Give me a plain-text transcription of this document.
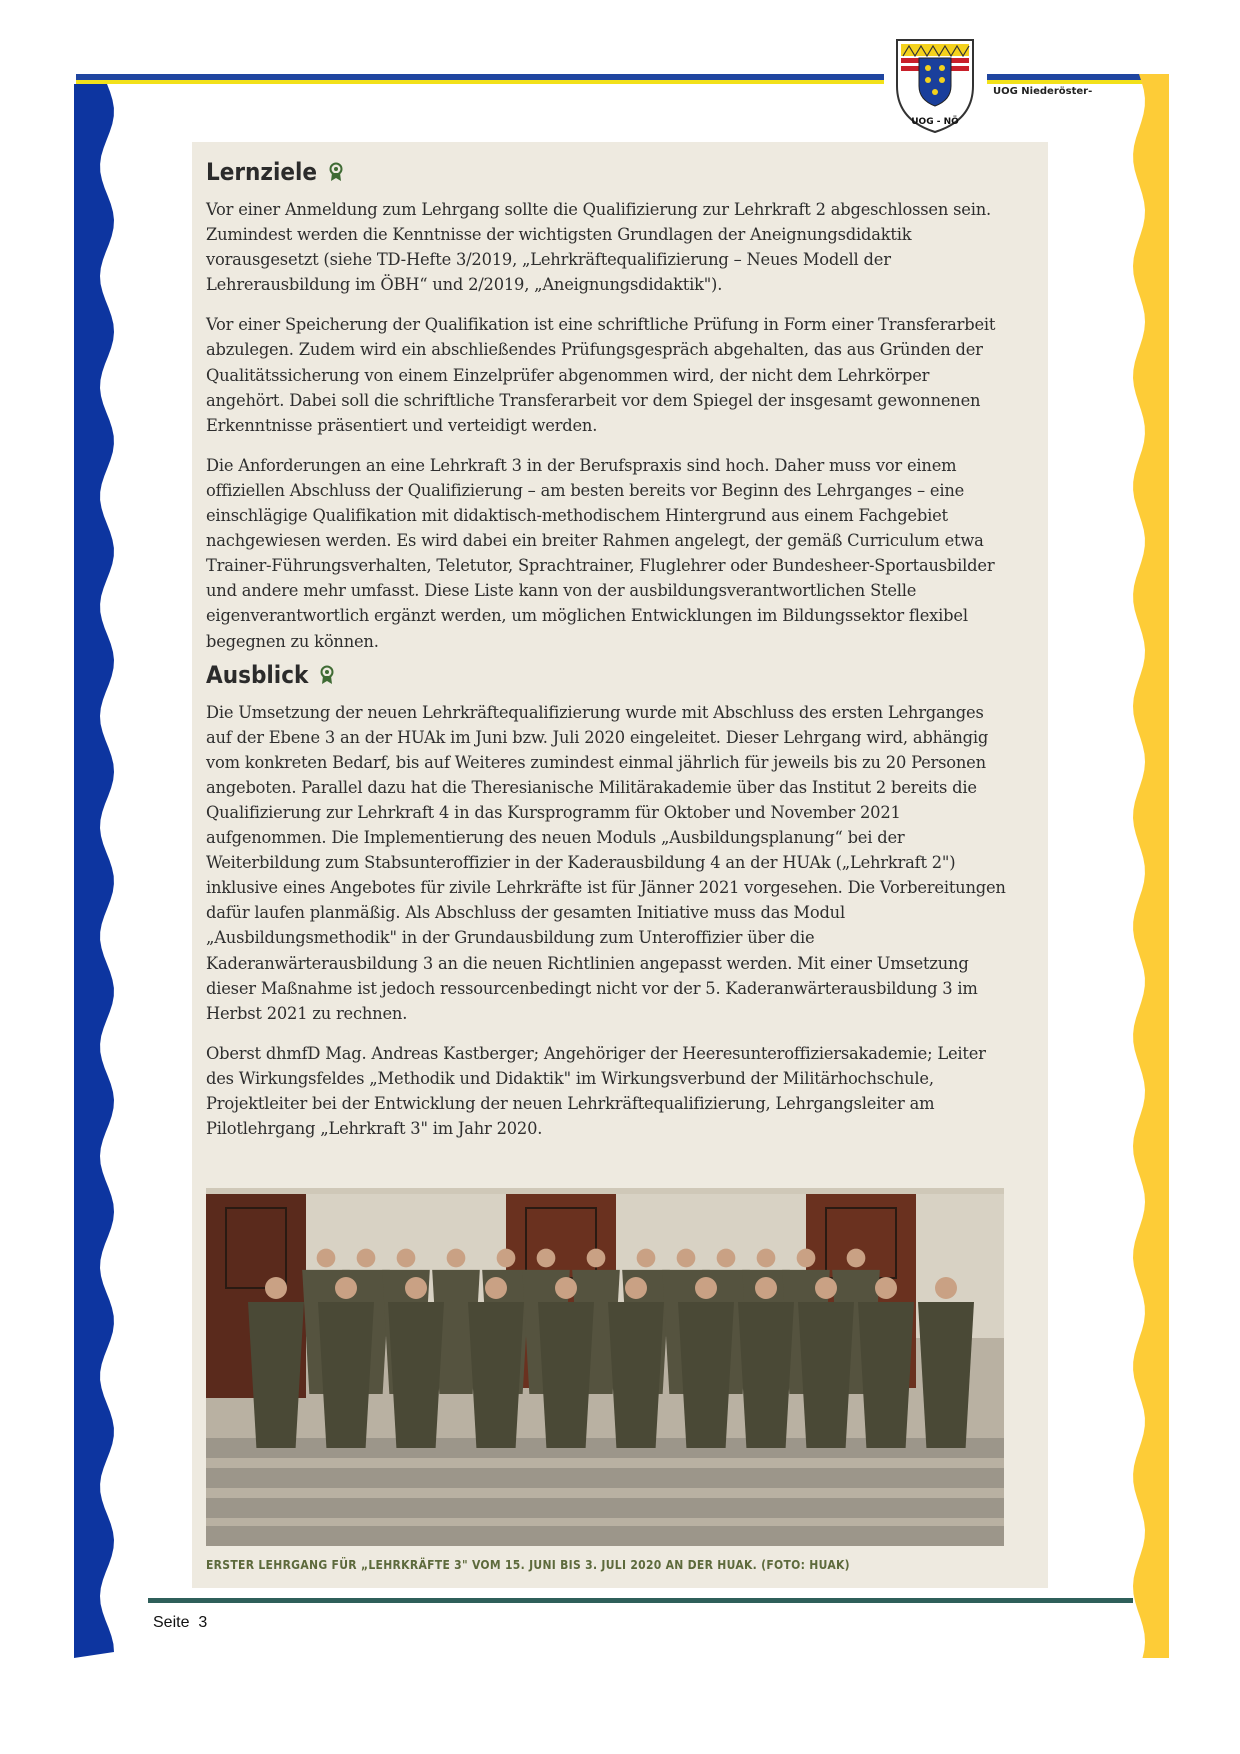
UOG - NÖ
UOG Niederöster-
Lernziele

Vor einer Anmeldung zum Lehrgang sollte die Qualifizierung zur Lehrkraft 2 abgeschlossen sein. Zumindest werden die Kenntnisse der wichtigsten Grundlagen der Aneignungsdidaktik vorausgesetzt (siehe TD-Hefte 3/2019, „Lehrkräftequalifizierung – Neues Modell der Lehrerausbildung im ÖBH“ und 2/2019, „Aneignungsdidaktik").

Vor einer Speicherung der Qualifikation ist eine schriftliche Prüfung in Form einer Transferarbeit abzulegen. Zudem wird ein abschließendes Prüfungsgespräch abgehalten, das aus Gründen der Qualitätssicherung von einem Einzelprüfer abgenommen wird, der nicht dem Lehrkörper angehört. Dabei soll die schriftliche Transferarbeit vor dem Spiegel der insgesamt gewonnenen Erkenntnisse präsentiert und verteidigt werden.

Die Anforderungen an eine Lehrkraft 3 in der Berufspraxis sind hoch. Daher muss vor einem offiziellen Abschluss der Qualifizierung – am besten bereits vor Beginn des Lehrganges – eine einschlägige Qualifikation mit didaktisch-methodischem Hintergrund aus einem Fachgebiet nachgewiesen werden. Es wird dabei ein breiter Rahmen angelegt, der gemäß Curriculum etwa Trainer-Führungsverhalten, Teletutor, Sprachtrainer, Fluglehrer oder Bundesheer-Sportausbilder und andere mehr umfasst. Diese Liste kann von der ausbildungsverantwortlichen Stelle eigenverantwortlich ergänzt werden, um möglichen Entwicklungen im Bildungssektor flexibel begegnen zu können.

Ausblick

Die Umsetzung der neuen Lehrkräftequalifizierung wurde mit Abschluss des ersten Lehrganges auf der Ebene 3 an der HUAk im Juni bzw. Juli 2020 eingeleitet. Dieser Lehrgang wird, abhängig vom konkreten Bedarf, bis auf Weiteres zumindest einmal jährlich für jeweils bis zu 20 Personen angeboten. Parallel dazu hat die Theresianische Militärakademie über das Institut 2 bereits die Qualifizierung zur Lehrkraft 4 in das Kursprogramm für Oktober und November 2021 aufgenommen. Die Implementierung des neuen Moduls „Ausbildungsplanung“ bei der Weiterbildung zum Stabsunteroffizier in der Kaderausbildung 4 an der HUAk („Lehrkraft 2") inklusive eines Angebotes für zivile Lehrkräfte ist für Jänner 2021 vorgesehen. Die Vorbereitungen dafür laufen planmäßig. Als Abschluss der gesamten Initiative muss das Modul „Ausbildungsmethodik" in der Grundausbildung zum Unteroffizier über die Kaderanwärterausbildung 3 an die neuen Richtlinien angepasst werden. Mit einer Umsetzung dieser Maßnahme ist jedoch ressourcenbedingt nicht vor der 5. Kaderanwärterausbildung 3 im Herbst 2021 zu rechnen.

Oberst dhmfD Mag. Andreas Kastberger; Angehöriger der Heeresunteroffiziersakademie; Leiter des Wirkungsfeldes „Methodik und Didaktik" im Wirkungsverbund der Militärhochschule, Projektleiter bei der Entwicklung der neuen Lehrkräftequalifizierung, Lehrgangsleiter am Pilotlehrgang „Lehrkraft 3" im Jahr 2020.

ERSTER LEHRGANG FÜR „LEHRKRÄFTE 3" VOM 15. JUNI BIS 3. JULI 2020 AN DER HUAK. (FOTO: HUAK)
Seite  3
